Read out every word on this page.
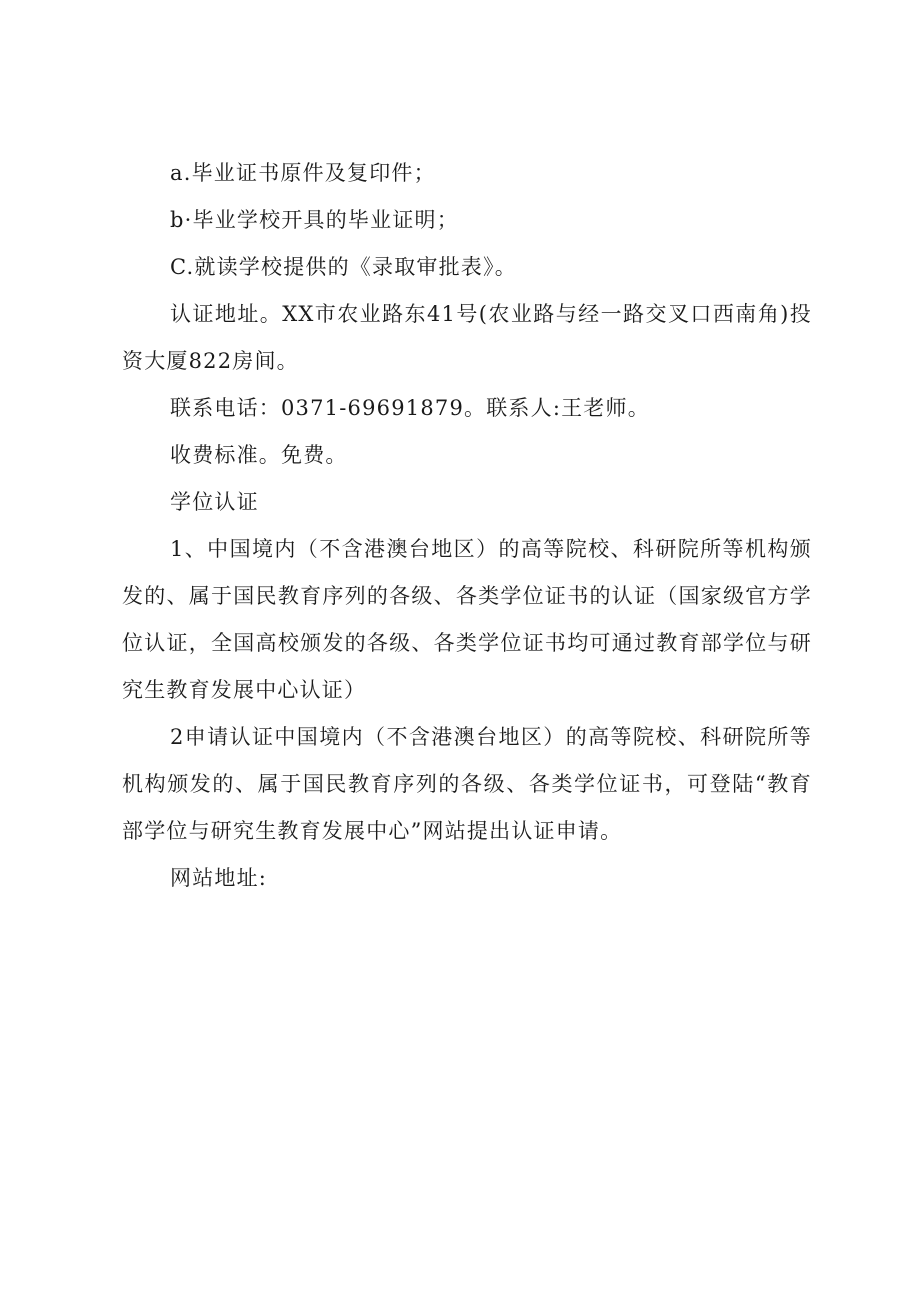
a.毕业证书原件及复印件；

b·毕业学校开具的毕业证明；

C.就读学校提供的《录取审批表》。

认证地址。XX市农业路东41号(农业路与经一路交叉口西南角)投资大厦822房间。

联系电话：0371-69691879。联系人:王老师。

收费标准。免费。

学位认证

1、中国境内（不含港澳台地区）的高等院校、科研院所等机构颁发的、属于国民教育序列的各级、各类学位证书的认证（国家级官方学位认证，全国高校颁发的各级、各类学位证书均可通过教育部学位与研究生教育发展中心认证）

2申请认证中国境内（不含港澳台地区）的高等院校、科研院所等机构颁发的、属于国民教育序列的各级、各类学位证书，可登陆“教育部学位与研究生教育发展中心”网站提出认证申请。

网站地址:
